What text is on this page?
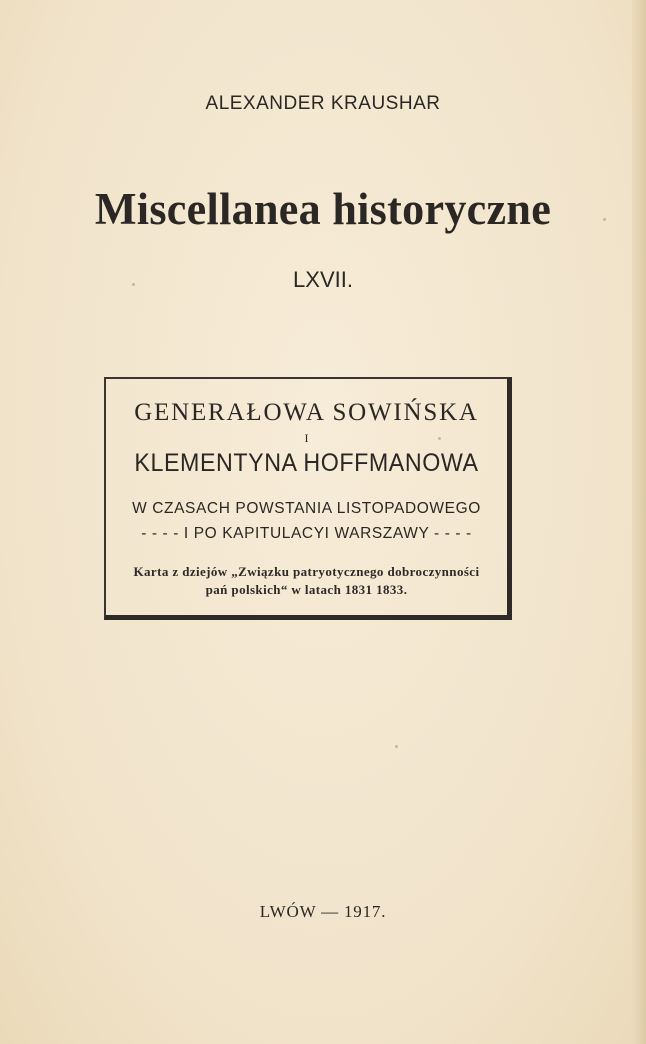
ALEXANDER KRAUSHAR
Miscellanea historyczne
LXVII.
GENERAŁOWA SOWIŃSKA
I
KLEMENTYNA HOFFMANOWA
W CZASACH POWSTANIA LISTOPADOWEGO
- - - - I PO KAPITULACYI WARSZAWY - - - -
Karta z dziejów „Związku patryotycznego dobroczynności
pań polskich“ w latach 1831 1833.
LWÓW — 1917.
